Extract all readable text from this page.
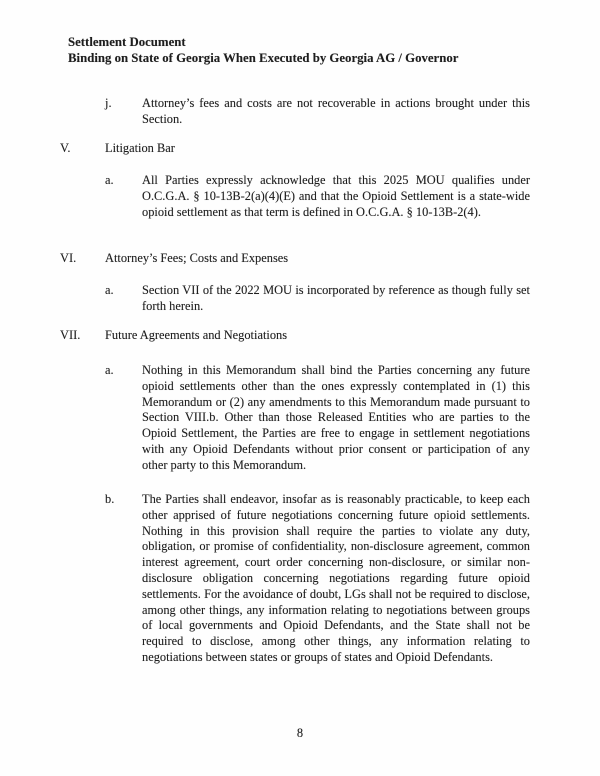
Settlement Document
Binding on State of Georgia When Executed by Georgia AG / Governor
j.	Attorney’s fees and costs are not recoverable in actions brought under this Section.

V.	Litigation Bar
a.	All Parties expressly acknowledge that this 2025 MOU qualifies under O.C.G.A. § 10-13B-2(a)(4)(E) and that the Opioid Settlement is a state-wide opioid settlement as that term is defined in O.C.G.A. § 10-13B-2(4).

VI.	Attorney’s Fees; Costs and Expenses
a.	Section VII of the 2022 MOU is incorporated by reference as though fully set forth herein.

VII.	Future Agreements and Negotiations
a.	Nothing in this Memorandum shall bind the Parties concerning any future opioid settlements other than the ones expressly contemplated in (1) this Memorandum or (2) any amendments to this Memorandum made pursuant to Section VIII.b. Other than those Released Entities who are parties to the Opioid Settlement, the Parties are free to engage in settlement negotiations with any Opioid Defendants without prior consent or participation of any other party to this Memorandum.

b.	The Parties shall endeavor, insofar as is reasonably practicable, to keep each other apprised of future negotiations concerning future opioid settlements. Nothing in this provision shall require the parties to violate any duty, obligation, or promise of confidentiality, non-disclosure agreement, common interest agreement, court order concerning non-disclosure, or similar non-disclosure obligation concerning negotiations regarding future opioid settlements. For the avoidance of doubt, LGs shall not be required to disclose, among other things, any information relating to negotiations between groups of local governments and Opioid Defendants, and the State shall not be required to disclose, among other things, any information relating to negotiations between states or groups of states and Opioid Defendants.

8
